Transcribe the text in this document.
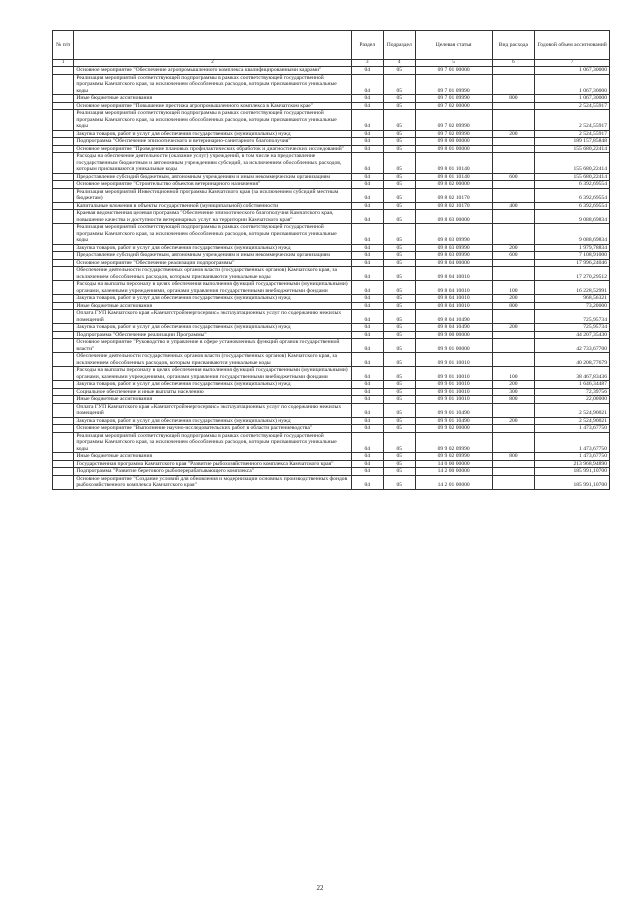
№ п/п		Раздел	Подраздел	Целевая статья	Вид расхода	Годовой объем ассигнований
1	2	3	4	5	6	7
	Основное мероприятие "Обеспечение агропромышленного комплекса квалифицированными кадрами"	04	05	09 7 01 00000		1 067,30000
	Реализация мероприятий соответствующей подпрограммы в рамках соответствующей государственной программы Камчатского края, за исключением обособленных расходов, которым присваиваются уникальные коды	04	05	09 7 01 09990		1 067,30000
	Иные бюджетные ассигнования	04	05	09 7 01 09990	800	1 067,30000
	Основное мероприятие "Повышение престижа агропромышленного комплекса в Камчатском крае"	04	05	09 7 02 00000		2 524,55917
	Реализация мероприятий соответствующей подпрограммы в рамках соответствующей государственной программы Камчатского края, за исключением обособленных расходов, которым присваиваются уникальные коды	04	05	09 7 02 09990		2 524,55917
	Закупка товаров, работ и услуг для обеспечения государственных (муниципальных) нужд	04	05	09 7 02 09990	200	2 524,55917
	Подпрограмма "Обеспечение эпизоотического и ветеринарно-санитарного благополучия"	04	05	09 8 00 00000		189 157,85848
	Основное мероприятие "Проведение плановых профилактических обработок и диагностических исследований"	04	05	09 8 01 00000		155 680,22414
	Расходы на обеспечение деятельности (оказание услуг) учреждений, в том числе на предоставление государственным бюджетным и автономным учреждениям субсидий, за исключением обособленных расходов, которым присваиваются уникальные коды	04	05	09 8 01 10140		155 680,22414
	Предоставление субсидий бюджетным, автономным учреждениям и иным некоммерческим организациям	04	05	09 8 01 10140	600	155 680,22414
	Основное мероприятие "Строительство объектов ветеринарного назначения"	04	05	09 8 02 00000		6 392,69554
	Реализация мероприятий Инвестиционной программы Камчатского края (за исключением субсидий местным бюджетам)	04	05	09 8 02 10170		6 392,69554
	Капитальные вложения в объекты государственной (муниципальной) собственности	04	05	09 8 02 10170	400	6 392,69554
	Краевая ведомственная целевая программа "Обеспечение эпизоотического благополучия Камчатского края, повышение качества и доступности ветеринарных услуг на территории Камчатского края"	04	05	09 8 03 00000		9 088,69834
	Реализация мероприятий соответствующей подпрограммы в рамках соответствующей государственной программы Камчатского края, за исключением обособленных расходов, которым присваиваются уникальные коды	04	05	09 8 03 09990		9 088,69834
	Закупка товаров, работ и услуг для обеспечения государственных (муниципальных) нужд	04	05	09 8 03 09990	200	1 979,78834
	Предоставление субсидий бюджетным, автономным учреждениям и иным некоммерческим организациям	04	05	09 8 03 09990	600	7 108,91000
	Основное мероприятие "Обеспечение реализации подпрограммы"	04	05	09 8 04 00000		17 996,24046
	Обеспечение деятельности государственных органов власти (государственных органов) Камчатского края, за исключением обособленных расходов, которым присваиваются уникальные коды	04	05	09 8 04 10010		17 270,29512
	Расходы на выплаты персоналу в целях обеспечения выполнения функций государственными (муниципальными) органами, казенными учреждениями, органами управления государственными внебюджетными фондами	04	05	09 8 04 10010	100	16 228,52991
	Закупка товаров, работ и услуг для обеспечения государственных (муниципальных) нужд	04	05	09 8 04 10010	200	968,56321
	Иные бюджетные ассигнования	04	05	09 8 04 10010	800	73,20000
	Оплата ГУП Камчатского края «Камчатстройэнергосервис» эксплуатационных услуг по содержанию нежилых помещений	04	05	09 8 04 10490		725,95734
	Закупка товаров, работ и услуг для обеспечения государственных (муниципальных) нужд	04	05	09 8 04 10490	200	725,95734
	Подпрограмма "Обеспечение реализации Программы"	04	05	09 9 00 00000		44 207,35430
	Основное мероприятие "Руководство и управление в сфере установленных функций органов государственной власти"	04	05	09 9 01 00000		42 733,67700
	Обеспечение деятельности государственных органов власти (государственных органов) Камчатского края, за исключением обособленных расходов, которым присваиваются уникальные коды	04	05	09 9 01 10010		40 208,77679
	Расходы на выплаты персоналу в целях обеспечения выполнения функций государственными (муниципальными) органами, казенными учреждениями, органами управления государственными внебюджетными фондами	04	05	09 9 01 10010	100	38 467,83436
	Закупка товаров, работ и услуг для обеспечения государственных (муниципальных) нужд	04	05	09 9 01 10010	200	1 646,34487
	Социальное обеспечение и иные выплаты населению	04	05	09 9 01 10010	300	72,39756
	Иные бюджетные ассигнования	04	05	09 9 01 10010	800	22,00000
	Оплата ГУП Камчатского края «Камчатстройэнергосервис» эксплуатационных услуг по содержанию нежилых помещений	04	05	09 9 01 10490		2 524,90021
	Закупка товаров, работ и услуг для обеспечения государственных (муниципальных) нужд	04	05	09 9 01 10490	200	2 524,90021
	Основное мероприятие "Выполнение научно-исследовательских работ в области растениеводства"	04	05	09 9 02 00000		1 473,67750
	Реализация мероприятий соответствующей подпрограммы в рамках соответствующей государственной программы Камчатского края, за исключением обособленных расходов, которым присваиваются уникальные коды	04	05	09 9 02 09990		1 473,67750
	Иные бюджетные ассигнования	04	05	09 9 02 09990	800	1 473,67750
	Государственная программа Камчатского края "Развитие рыбохозяйственного комплекса Камчатского края"	04	05	14 0 00 00000		213 968,94890
	Подпрограмма "Развитие берегового рыбоперерабатывающего комплекса"	04	05	14 2 00 00000		185 991,10700
	Основное мероприятие "Создание условий для обновления и модернизации основных производственных фондов рыбохозяйственного комплекса Камчатского края"	04	05	14 2 01 00000		185 991,10700
22
